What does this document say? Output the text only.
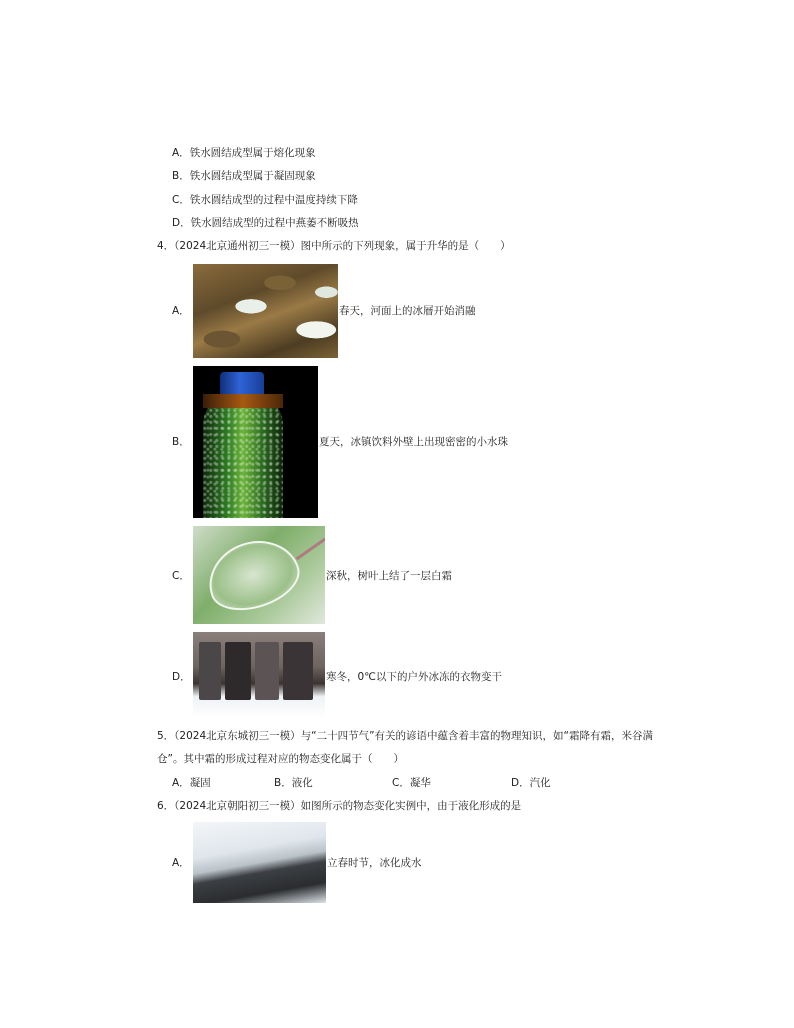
A．铁水圆结成型属于熔化现象
B．铁水圆结成型属于凝固现象
C．铁水圆结成型的过程中温度持续下降
D．铁水圆结成型的过程中燕萎不断吸热
4．（2024北京通州初三一模）图中所示的下列现象，属于升华的是（　　）
A．	春天，河面上的冰層开始消融
B．	夏天，冰镇饮料外壁上出现密密的小水珠
C．	深秋，树叶上结了一层白霜
D．	寒冬，0℃以下的户外冰冻的衣物变干
5．（2024北京东城初三一模）与“二十四节气”有关的谚语中蕴含着丰富的物理知识，如“霜降有霜，米谷满
仓”。其中霜的形成过程对应的物态变化属于（　　）
A．凝固	B．液化	C．凝华	D．汽化
6．（2024北京朝阳初三一模）如图所示的物态变化实例中，由于液化形成的是
A．	立春时节，冰化成水
